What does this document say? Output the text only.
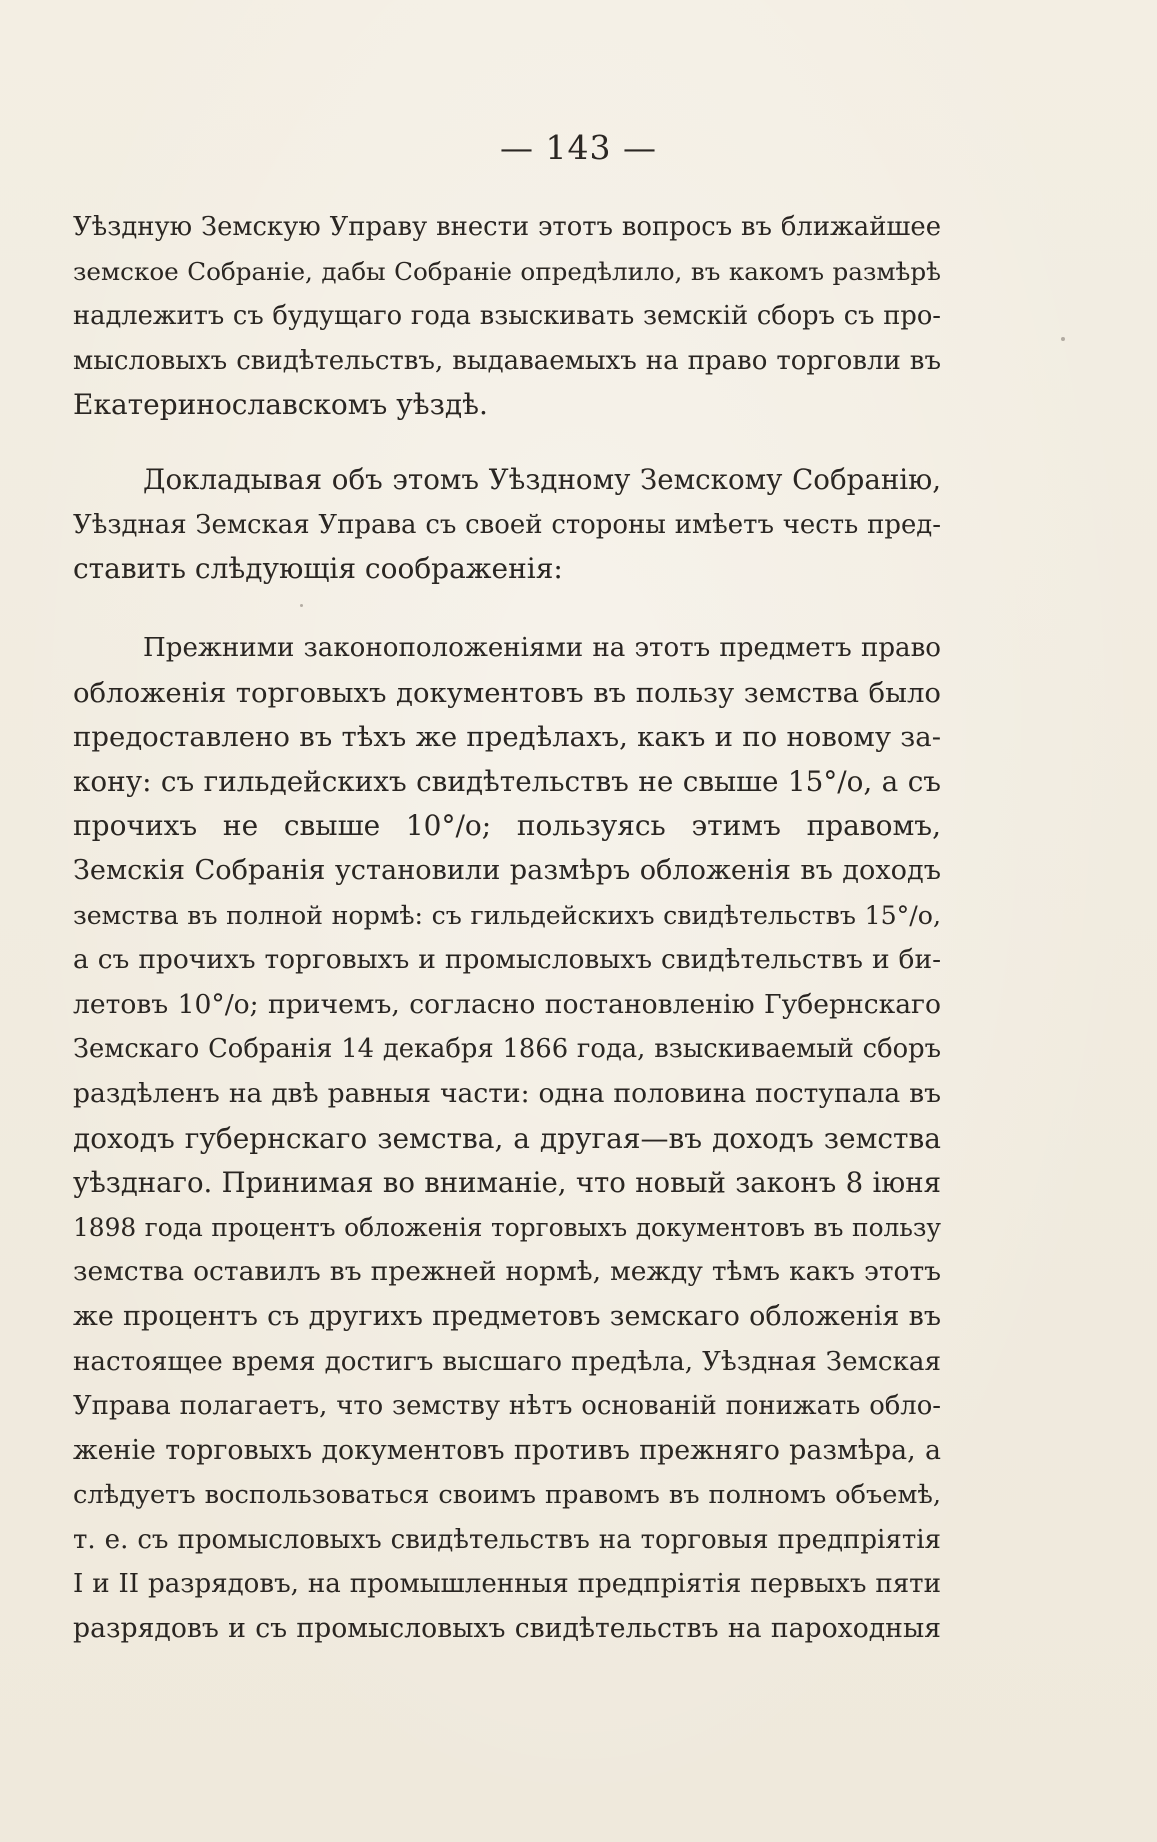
— 143 —
Уѣздную Земскую Управу внести этотъ вопросъ въ ближайшее
земское Собраніе, дабы Собраніе опредѣлило, въ какомъ размѣрѣ
надлежитъ съ будущаго года взыскивать земскій сборъ съ про-
мысловыхъ свидѣтельствъ, выдаваемыхъ на право торговли въ
Екатеринославскомъ уѣздѣ.
Докладывая объ этомъ Уѣздному Земскому Собранію,
Уѣздная Земская Управа съ своей стороны имѣетъ честь пред-
ставить слѣдующія соображенія:
Прежними законоположеніями на этотъ предметъ право
обложенія торговыхъ документовъ въ пользу земства было
предоставлено въ тѣхъ же предѣлахъ, какъ и по новому за-
кону: съ гильдейскихъ свидѣтельствъ не свыше 15°/о, а съ
прочихъ не свыше 10°/о; пользуясь этимъ правомъ,
Земскія Собранія установили размѣръ обложенія въ доходъ
земства въ полной нормѣ: съ гильдейскихъ свидѣтельствъ 15°/о,
а съ прочихъ торговыхъ и промысловыхъ свидѣтельствъ и би-
летовъ 10°/о; причемъ, согласно постановленію Губернскаго
Земскаго Собранія 14 декабря 1866 года, взыскиваемый сборъ
раздѣленъ на двѣ равныя части: одна половина поступала въ
доходъ губернскаго земства, а другая—въ доходъ земства
уѣзднаго. Принимая во вниманіе, что новый законъ 8 іюня
1898 года процентъ обложенія торговыхъ документовъ въ пользу
земства оставилъ въ прежней нормѣ, между тѣмъ какъ этотъ
же процентъ съ другихъ предметовъ земскаго обложенія въ
настоящее время достигъ высшаго предѣла, Уѣздная Земская
Управа полагаетъ, что земству нѣтъ основаній понижать обло-
женіе торговыхъ документовъ противъ прежняго размѣра, а
слѣдуетъ воспользоваться своимъ правомъ въ полномъ объемѣ,
т. е. съ промысловыхъ свидѣтельствъ на торговыя предпріятія
I и II разрядовъ, на промышленныя предпріятія первыхъ пяти
разрядовъ и съ промысловыхъ свидѣтельствъ на пароходныя
